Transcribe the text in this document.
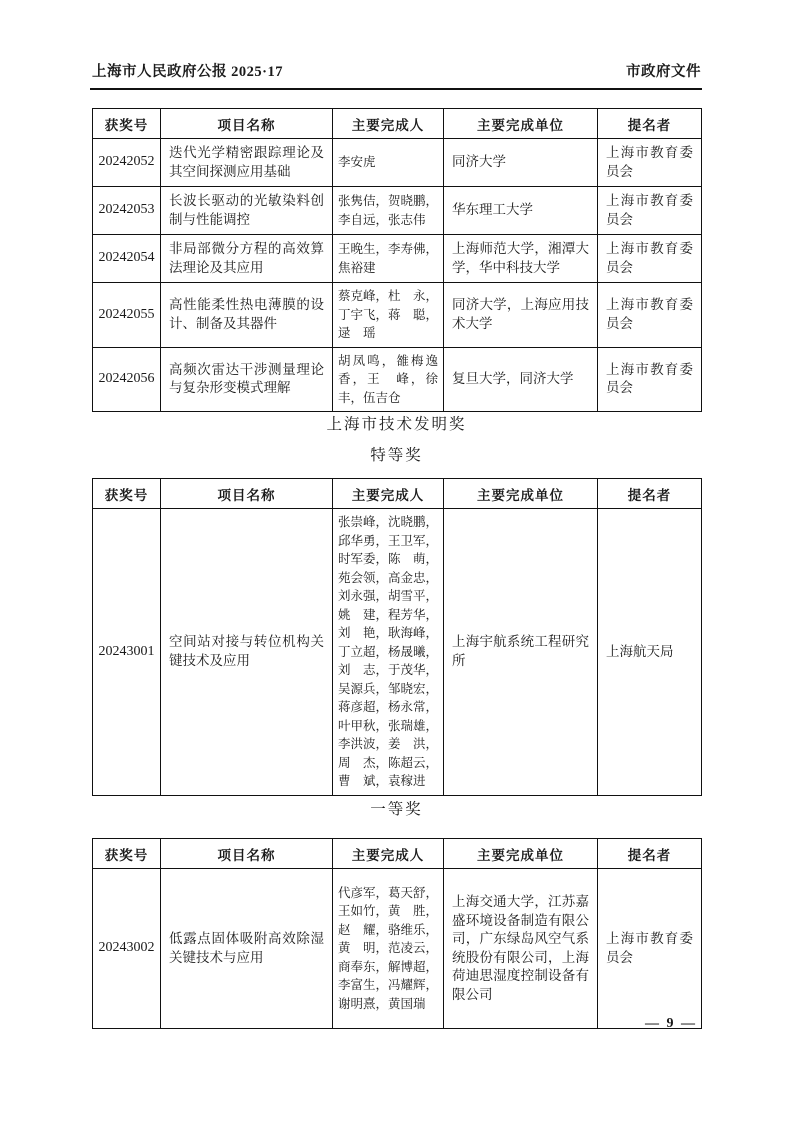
上海市人民政府公报 2025·17	市政府文件
获奖号	项目名称	主要完成人	主要完成单位	提名者
20242052	迭代光学精密跟踪理论及其空间探测应用基础	李安虎	同济大学	上海市教育委员会
20242053	长波长驱动的光敏染料创制与性能调控	张隽佶，贺晓鹏，李自远，张志伟	华东理工大学	上海市教育委员会
20242054	非局部微分方程的高效算法理论及其应用	王晚生，李寿佛，焦裕建	上海师范大学，湘潭大学，华中科技大学	上海市教育委员会
20242055	高性能柔性热电薄膜的设计、制备及其器件	蔡克峰，杜　永，丁宇飞，蒋　聪，逯　瑶	同济大学，上海应用技术大学	上海市教育委员会
20242056	高频次雷达干涉测量理论与复杂形变模式理解	胡凤鸣，雒梅逸香，王　峰，徐　丰，伍吉仓	复旦大学，同济大学	上海市教育委员会
上海市技术发明奖
特等奖
获奖号	项目名称	主要完成人	主要完成单位	提名者
20243001	空间站对接与转位机构关键技术及应用	张崇峰，沈晓鹏，邱华勇，王卫军，时军委，陈　萌，苑会领，高金忠，刘永强，胡雪平，姚　建，程芳华，刘　艳，耿海峰，丁立超，杨晟曦，刘　志，于茂华，吴源兵，邹晓宏，蒋彦超，杨永常，叶甲秋，张瑞雄，李洪波，姜　洪，周　杰，陈超云，曹　斌，袁稼进	上海宇航系统工程研究所	上海航天局
一等奖
获奖号	项目名称	主要完成人	主要完成单位	提名者
20243002	低露点固体吸附高效除湿关键技术与应用	代彦军，葛天舒，王如竹，黄　胜，赵　耀，骆维乐，黄　明，范凌云，商奉东，解博超，李富生，冯耀辉，谢明熹，黄国瑞	上海交通大学，江苏嘉盛环境设备制造有限公司，广东绿岛风空气系统股份有限公司，上海荷迪思湿度控制设备有限公司	上海市教育委员会
— 9 —
